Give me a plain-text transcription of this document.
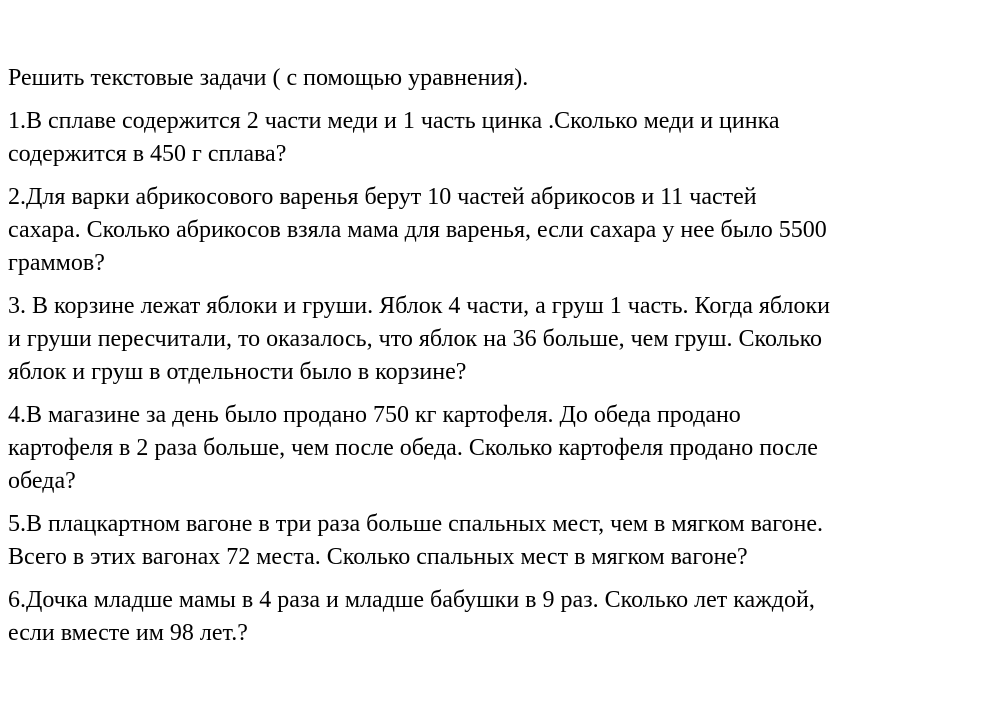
Решить текстовые задачи ( с помощью уравнения).
1.В сплаве содержится 2 части меди и 1 часть цинка .Сколько меди и цинка
содержится в 450 г сплава?
2.Для варки абрикосового варенья берут 10 частей абрикосов и 11 частей
сахара. Сколько абрикосов взяла мама для варенья, если сахара у нее было 5500
граммов?
3. В корзине лежат яблоки и груши. Яблок 4 части, а груш 1 часть. Когда яблоки
и груши пересчитали, то оказалось, что яблок на 36 больше, чем груш. Сколько
яблок и груш в отдельности было в корзине?
4.В магазине за день было продано 750 кг картофеля. До обеда продано
картофеля в 2 раза больше, чем после обеда. Сколько картофеля продано после
обеда?
5.В плацкартном вагоне в три раза больше спальных мест, чем в мягком вагоне.
Всего в этих вагонах 72 места. Сколько спальных мест в мягком вагоне?
6.Дочка младше мамы в 4 раза и младше бабушки в 9 раз. Сколько лет каждой,
если вместе им 98 лет.?
